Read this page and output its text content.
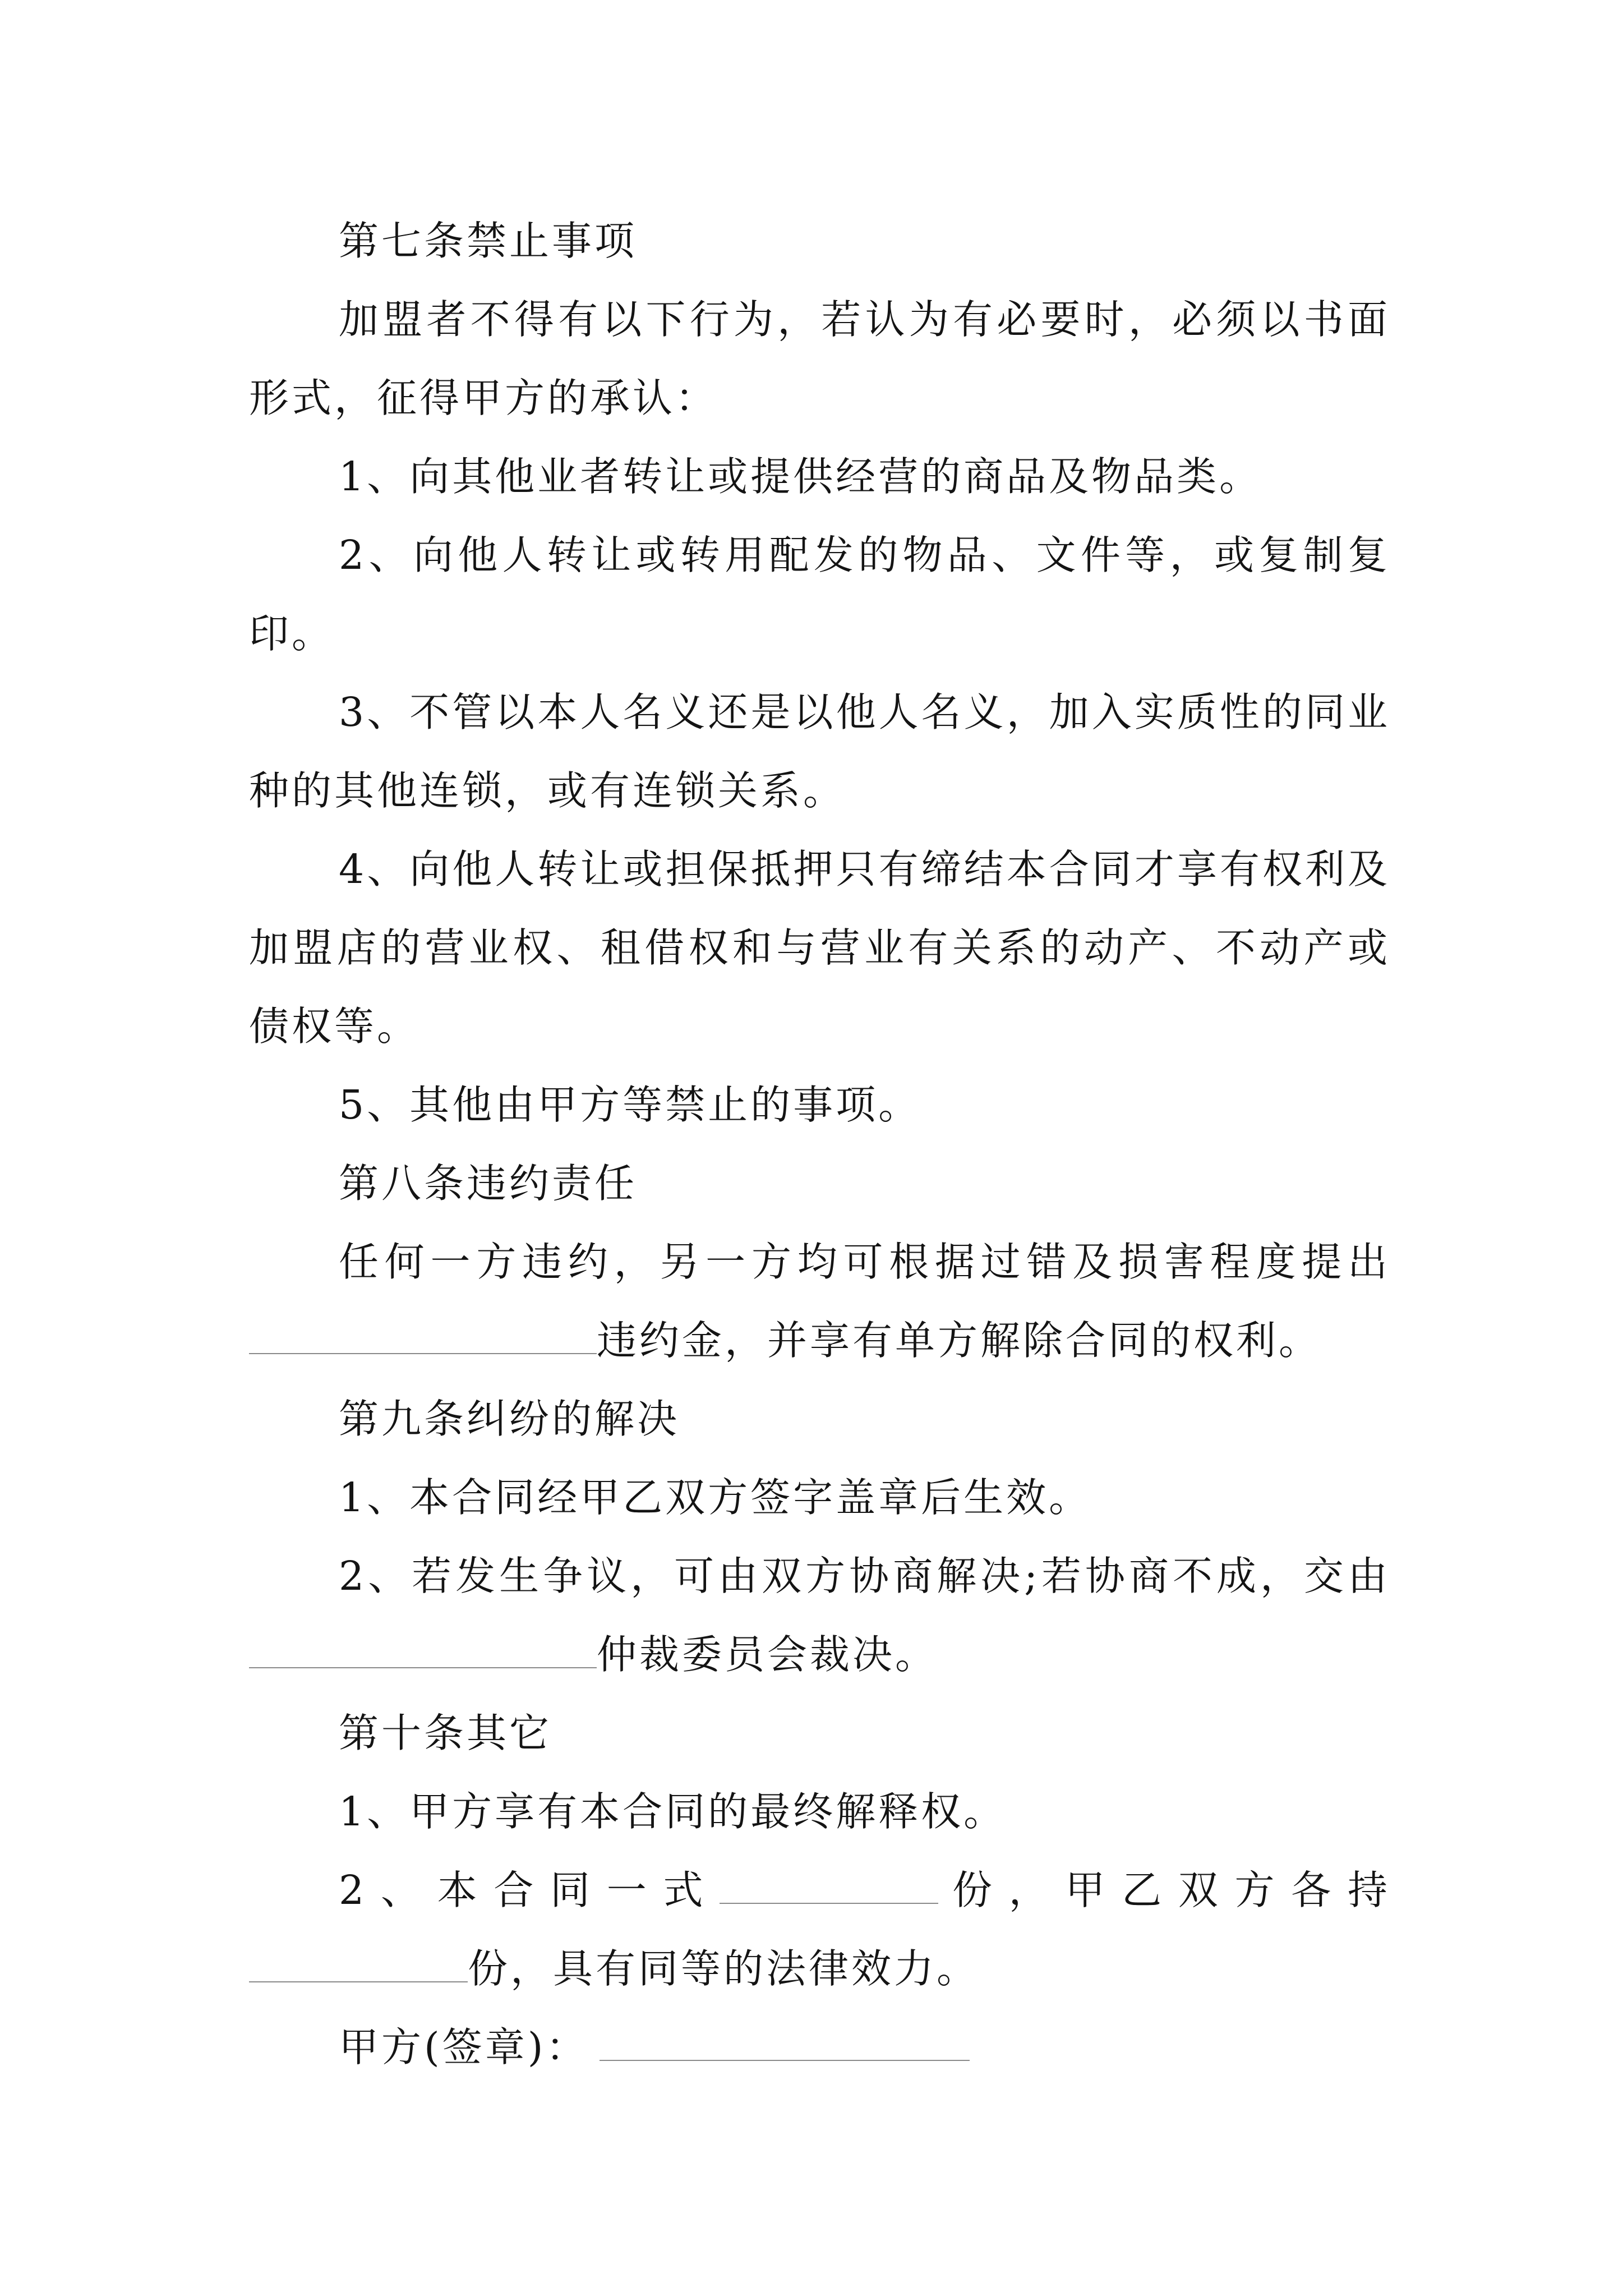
第七条禁止事项

加盟者不得有以下行为，若认为有必要时，必须以书面形式，征得甲方的承认：

1、向其他业者转让或提供经营的商品及物品类。

2、向他人转让或转用配发的物品、文件等，或复制复印。

3、不管以本人名义还是以他人名义，加入实质性的同业种的其他连锁，或有连锁关系。

4、向他人转让或担保抵押只有缔结本合同才享有权利及加盟店的营业权、租借权和与营业有关系的动产、不动产或债权等。

5、其他由甲方等禁止的事项。

第八条违约责任

任何一方违约，另一方均可根据过错及损害程度提出违约金，并享有单方解除合同的权利。

第九条纠纷的解决

1、本合同经甲乙双方签字盖章后生效。

2、若发生争议，可由双方协商解决;若协商不成，交由仲裁委员会裁决。

第十条其它

1、甲方享有本合同的最终解释权。

2、本合同一式	份，甲乙双方各持份，具有同等的法律效力。

甲方(签章)：
